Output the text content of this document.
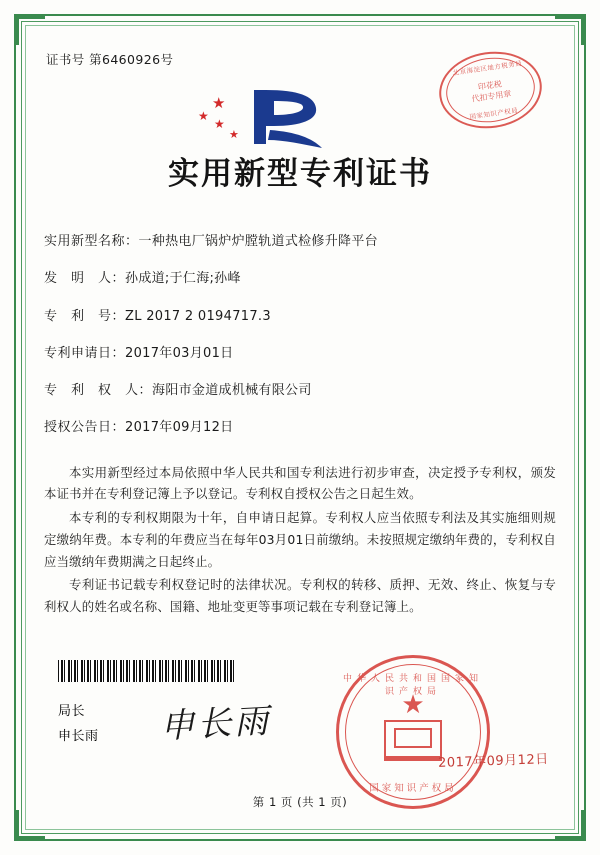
北京海淀区地方税务局
印花税
代扣专用章
国家知识产权局
★
★
★
★
证书号 第6460926号
实用新型专利证书
实用新型名称： 一种热电厂锅炉炉膛轨道式检修升降平台
发　明　人： 孙成道;于仁海;孙峰
专　利　号： ZL 2017 2 0194717.3
专利申请日： 2017年03月01日
专　利　权　人： 海阳市金道成机械有限公司
授权公告日： 2017年09月12日

本实用新型经过本局依照中华人民共和国专利法进行初步审查，决定授予专利权，颁发本证书并在专利登记簿上予以登记。专利权自授权公告之日起生效。

本专利的专利权期限为十年，自申请日起算。专利权人应当依照专利法及其实施细则规定缴纳年费。本专利的年费应当在每年03月01日前缴纳。未按照规定缴纳年费的，专利权自应当缴纳年费期满之日起终止。

专利证书记载专利权登记时的法律状况。专利权的转移、质押、无效、终止、恢复与专利权人的姓名或名称、国籍、地址变更等事项记载在专利登记簿上。

局长
申长雨 申长雨
中华人民共和国国家知识产权局
★
国家知识产权局
2017年09月12日
第 1 页 (共 1 页)
